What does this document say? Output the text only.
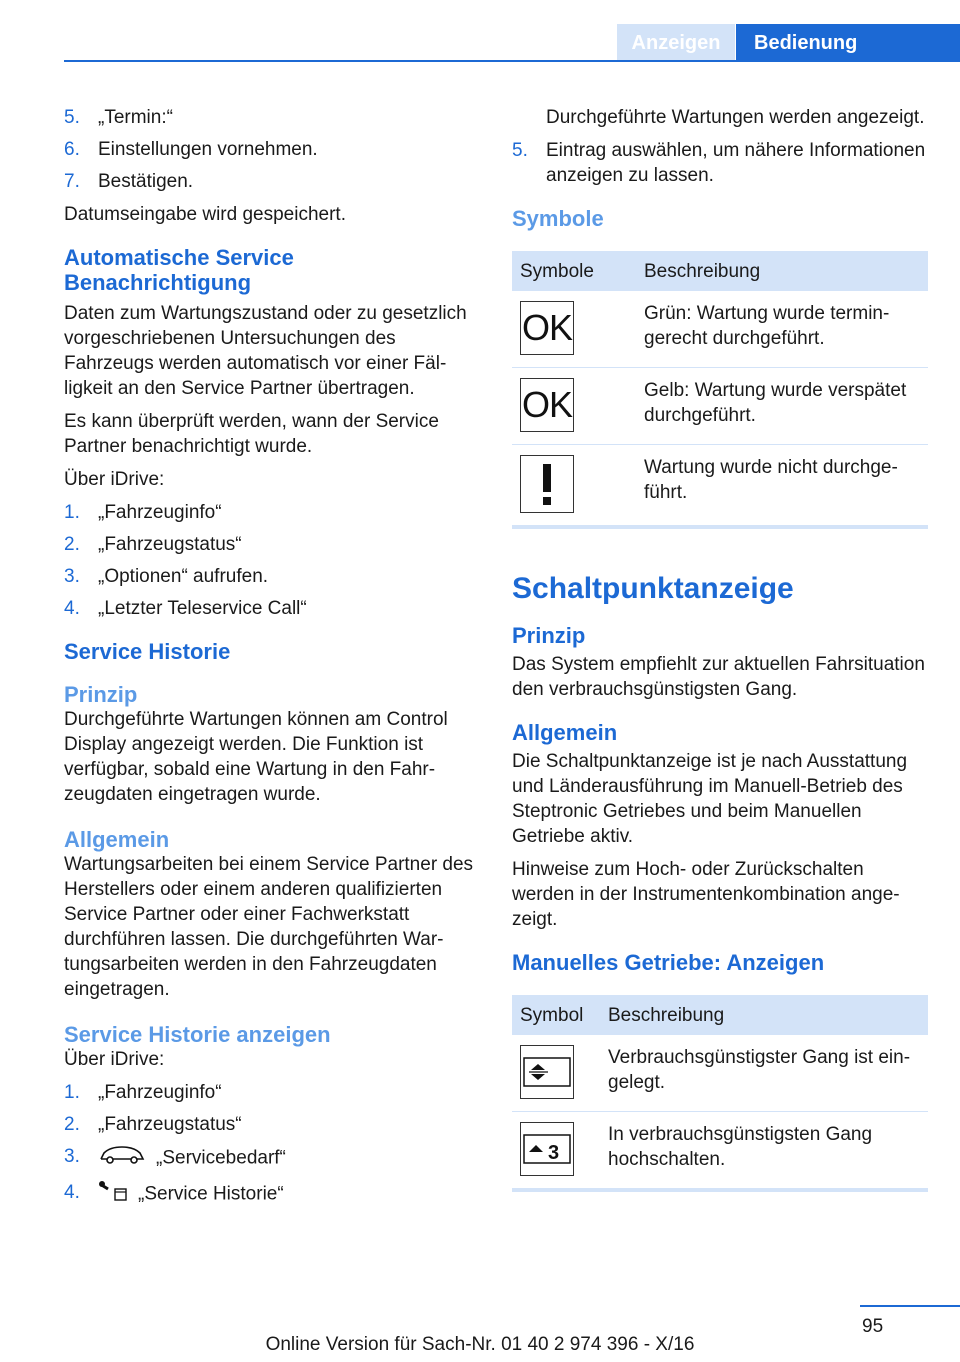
Anzeigen	Bedienung
5. „Termin:“
6. Einstellungen vornehmen.
7. Bestätigen.

Datumseingabe wird gespeichert.

Automatische Service Benachrichtigung

Daten zum Wartungszustand oder zu gesetzlich vorgeschriebenen Untersuchungen des Fahrzeugs werden automatisch vor einer Fälligkeit an den Service Partner übertragen.

Es kann überprüft werden, wann der Service Partner benachrichtigt wurde.

Über iDrive:

1. „Fahrzeuginfo“
2. „Fahrzeugstatus“
3. „Optionen“ aufrufen.
4. „Letzter Teleservice Call“
Service Historie
Prinzip

Durchgeführte Wartungen können am Control Display angezeigt werden. Die Funktion ist verfügbar, sobald eine Wartung in den Fahrzeugdaten eingetragen wurde.

Allgemein

Wartungsarbeiten bei einem Service Partner des Herstellers oder einem anderen qualifizierten Service Partner oder einer Fachwerkstatt durchführen lassen. Die durchgeführten Wartungsarbeiten werden in den Fahrzeugdaten eingetragen.

Service Historie anzeigen

Über iDrive:

1. „Fahrzeuginfo“
2. „Fahrzeugstatus“
3.	„Servicebedarf“
4.	„Service Historie“

Durchgeführte Wartungen werden angezeigt.

5. Eintrag auswählen, um nähere Informationen anzeigen zu lassen.
Symbole
Symbole	Beschreibung

OK	Grün: Wartung wurde termingerecht durchgeführt.

OK	Gelb: Wartung wurde verspätet durchgeführt.

	Wartung wurde nicht durchgeführt.
Schaltpunktanzeige
Prinzip

Das System empfiehlt zur aktuellen Fahrsituation den verbrauchsgünstigsten Gang.

Allgemein

Die Schaltpunktanzeige ist je nach Ausstattung und Länderausführung im Manuell-Betrieb des Steptronic Getriebes und beim Manuellen Getriebe aktiv.

Hinweise zum Hoch- oder Zurückschalten werden in der Instrumentenkombination angezeigt.

Manuelles Getriebe: Anzeigen
Symbol	Beschreibung

	Verbrauchsgünstigster Gang ist eingelegt.

3	In verbrauchsgünstigsten Gang hochschalten.
95
Online Version für Sach-Nr. 01 40 2 974 396 - X/16
